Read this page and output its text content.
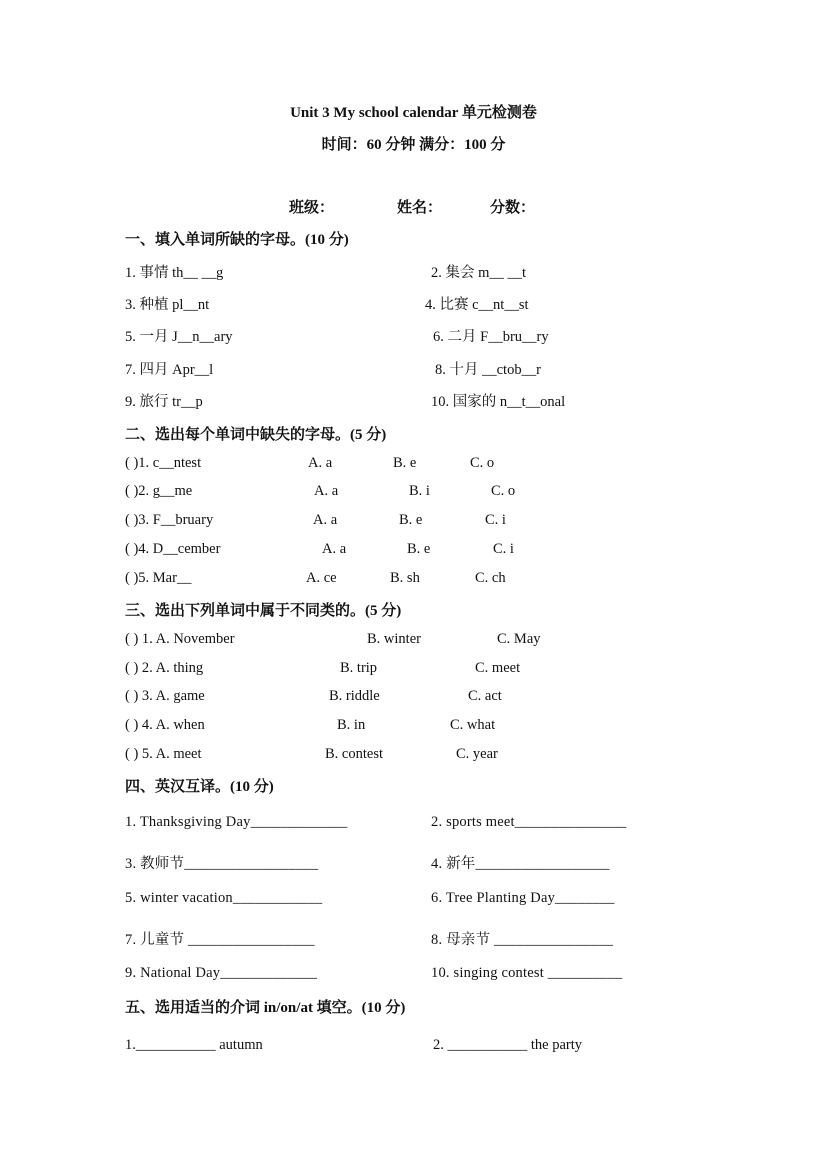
Unit 3 My school calendar 单元检测卷
时间：60 分钟 满分：100 分
班级：	姓名：	分数：
一、填入单词所缺的字母。(10 分)
1. 事情 th__ __g	2. 集会 m__ __t
3. 种植 pl__nt	4. 比赛 c__nt__st
5. 一月 J__n__ary	6. 二月 F__bru__ry
7. 四月 Apr__l	8. 十月 __ctob__r
9. 旅行 tr__p	10. 国家的 n__t__onal
二、选出每个单词中缺失的字母。(5 分)
( )1. c__ntest	A. a	B. e	C. o
( )2. g__me	A. a	B. i	C. o
( )3. F__bruary	A. a	B. e	C. i
( )4. D__cember	A. a	B. e	C. i
( )5. Mar__	A. ce	B. sh	C. ch
三、选出下列单词中属于不同类的。(5 分)
( ) 1. A. November	B. winter	C. May
( ) 2. A. thing	B. trip	C. meet
( ) 3. A. game	B. riddle	C. act
( ) 4. A. when	B. in	C. what
( ) 5. A. meet	B. contest	C. year
四、英汉互译。(10 分)
1. Thanksgiving Day_____________	2. sports meet_______________
3. 教师节__________________	4. 新年__________________
5. winter vacation____________	6. Tree Planting Day________
7. 儿童节 _________________	8. 母亲节 ________________
9. National Day_____________	10. singing contest __________
五、选用适当的介词 in/on/at 填空。(10 分)
1.___________ autumn	2. ___________ the party
